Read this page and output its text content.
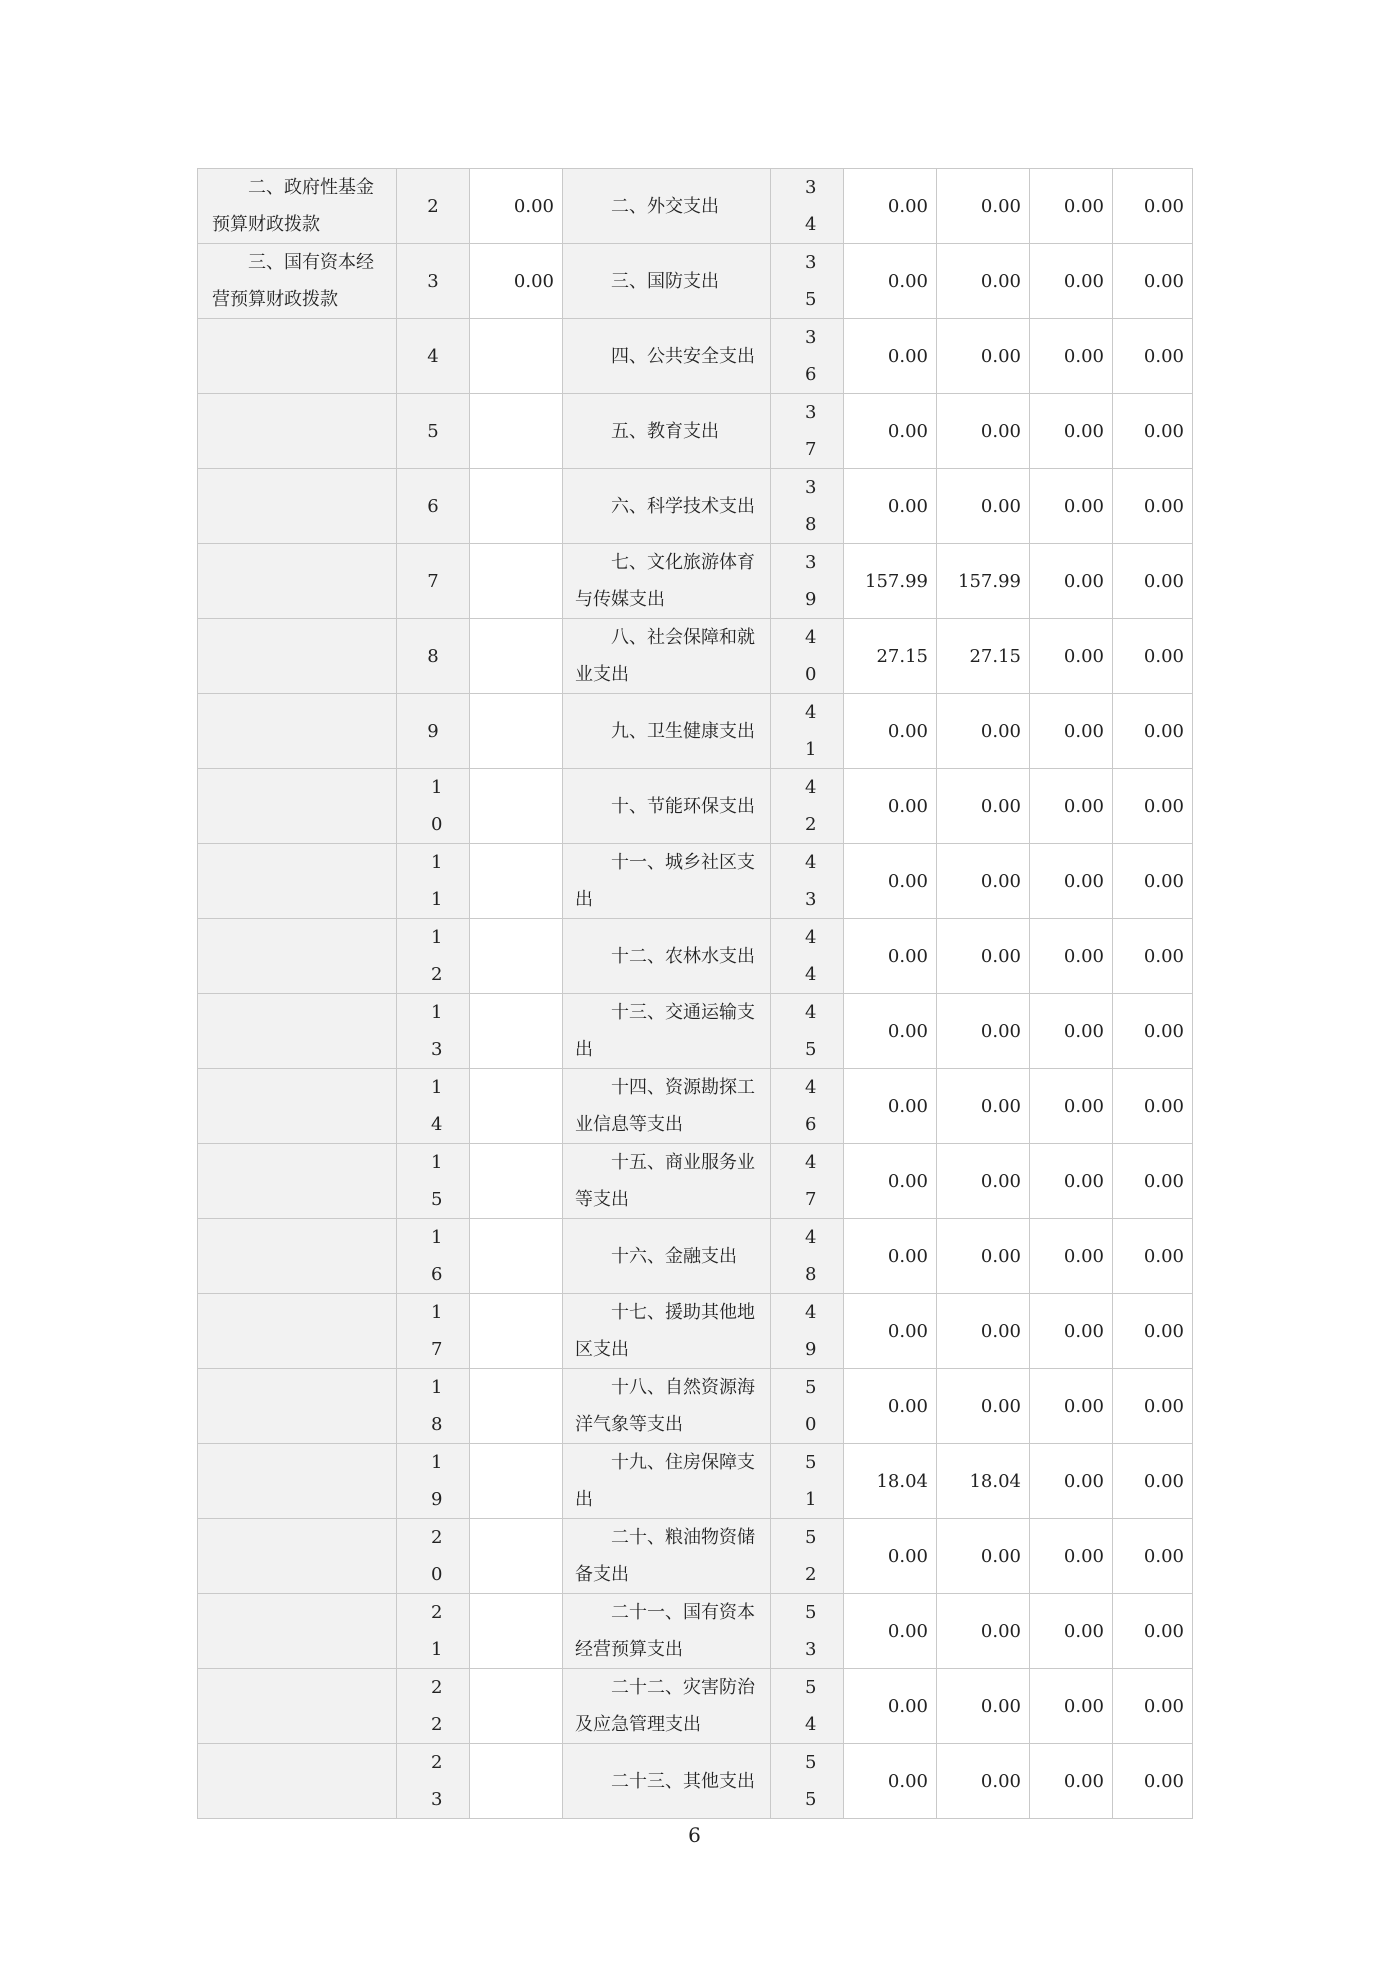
二、政府性基金预算财政拨款	2	0.00	二、外交支出	34	0.00	0.00	0.00	0.00

三、国有资本经营预算财政拨款	3	0.00	三、国防支出	35	0.00	0.00	0.00	0.00

	4		四、公共安全支出	36	0.00	0.00	0.00	0.00

	5		五、教育支出	37	0.00	0.00	0.00	0.00

	6		六、科学技术支出	38	0.00	0.00	0.00	0.00

	7		七、文化旅游体育与传媒支出	39	157.99	157.99	0.00	0.00

	8		八、社会保障和就业支出	40	27.15	27.15	0.00	0.00

	9		九、卫生健康支出	41	0.00	0.00	0.00	0.00

	10		十、节能环保支出	42	0.00	0.00	0.00	0.00

	11		十一、城乡社区支出	43	0.00	0.00	0.00	0.00

	12		十二、农林水支出	44	0.00	0.00	0.00	0.00

	13		十三、交通运输支出	45	0.00	0.00	0.00	0.00

	14		十四、资源勘探工业信息等支出	46	0.00	0.00	0.00	0.00

	15		十五、商业服务业等支出	47	0.00	0.00	0.00	0.00

	16		十六、金融支出	48	0.00	0.00	0.00	0.00

	17		十七、援助其他地区支出	49	0.00	0.00	0.00	0.00

	18		十八、自然资源海洋气象等支出	50	0.00	0.00	0.00	0.00

	19		十九、住房保障支出	51	18.04	18.04	0.00	0.00

	20		二十、粮油物资储备支出	52	0.00	0.00	0.00	0.00

	21		二十一、国有资本经营预算支出	53	0.00	0.00	0.00	0.00

	22		二十二、灾害防治及应急管理支出	54	0.00	0.00	0.00	0.00

	23		二十三、其他支出	55	0.00	0.00	0.00	0.00
6
